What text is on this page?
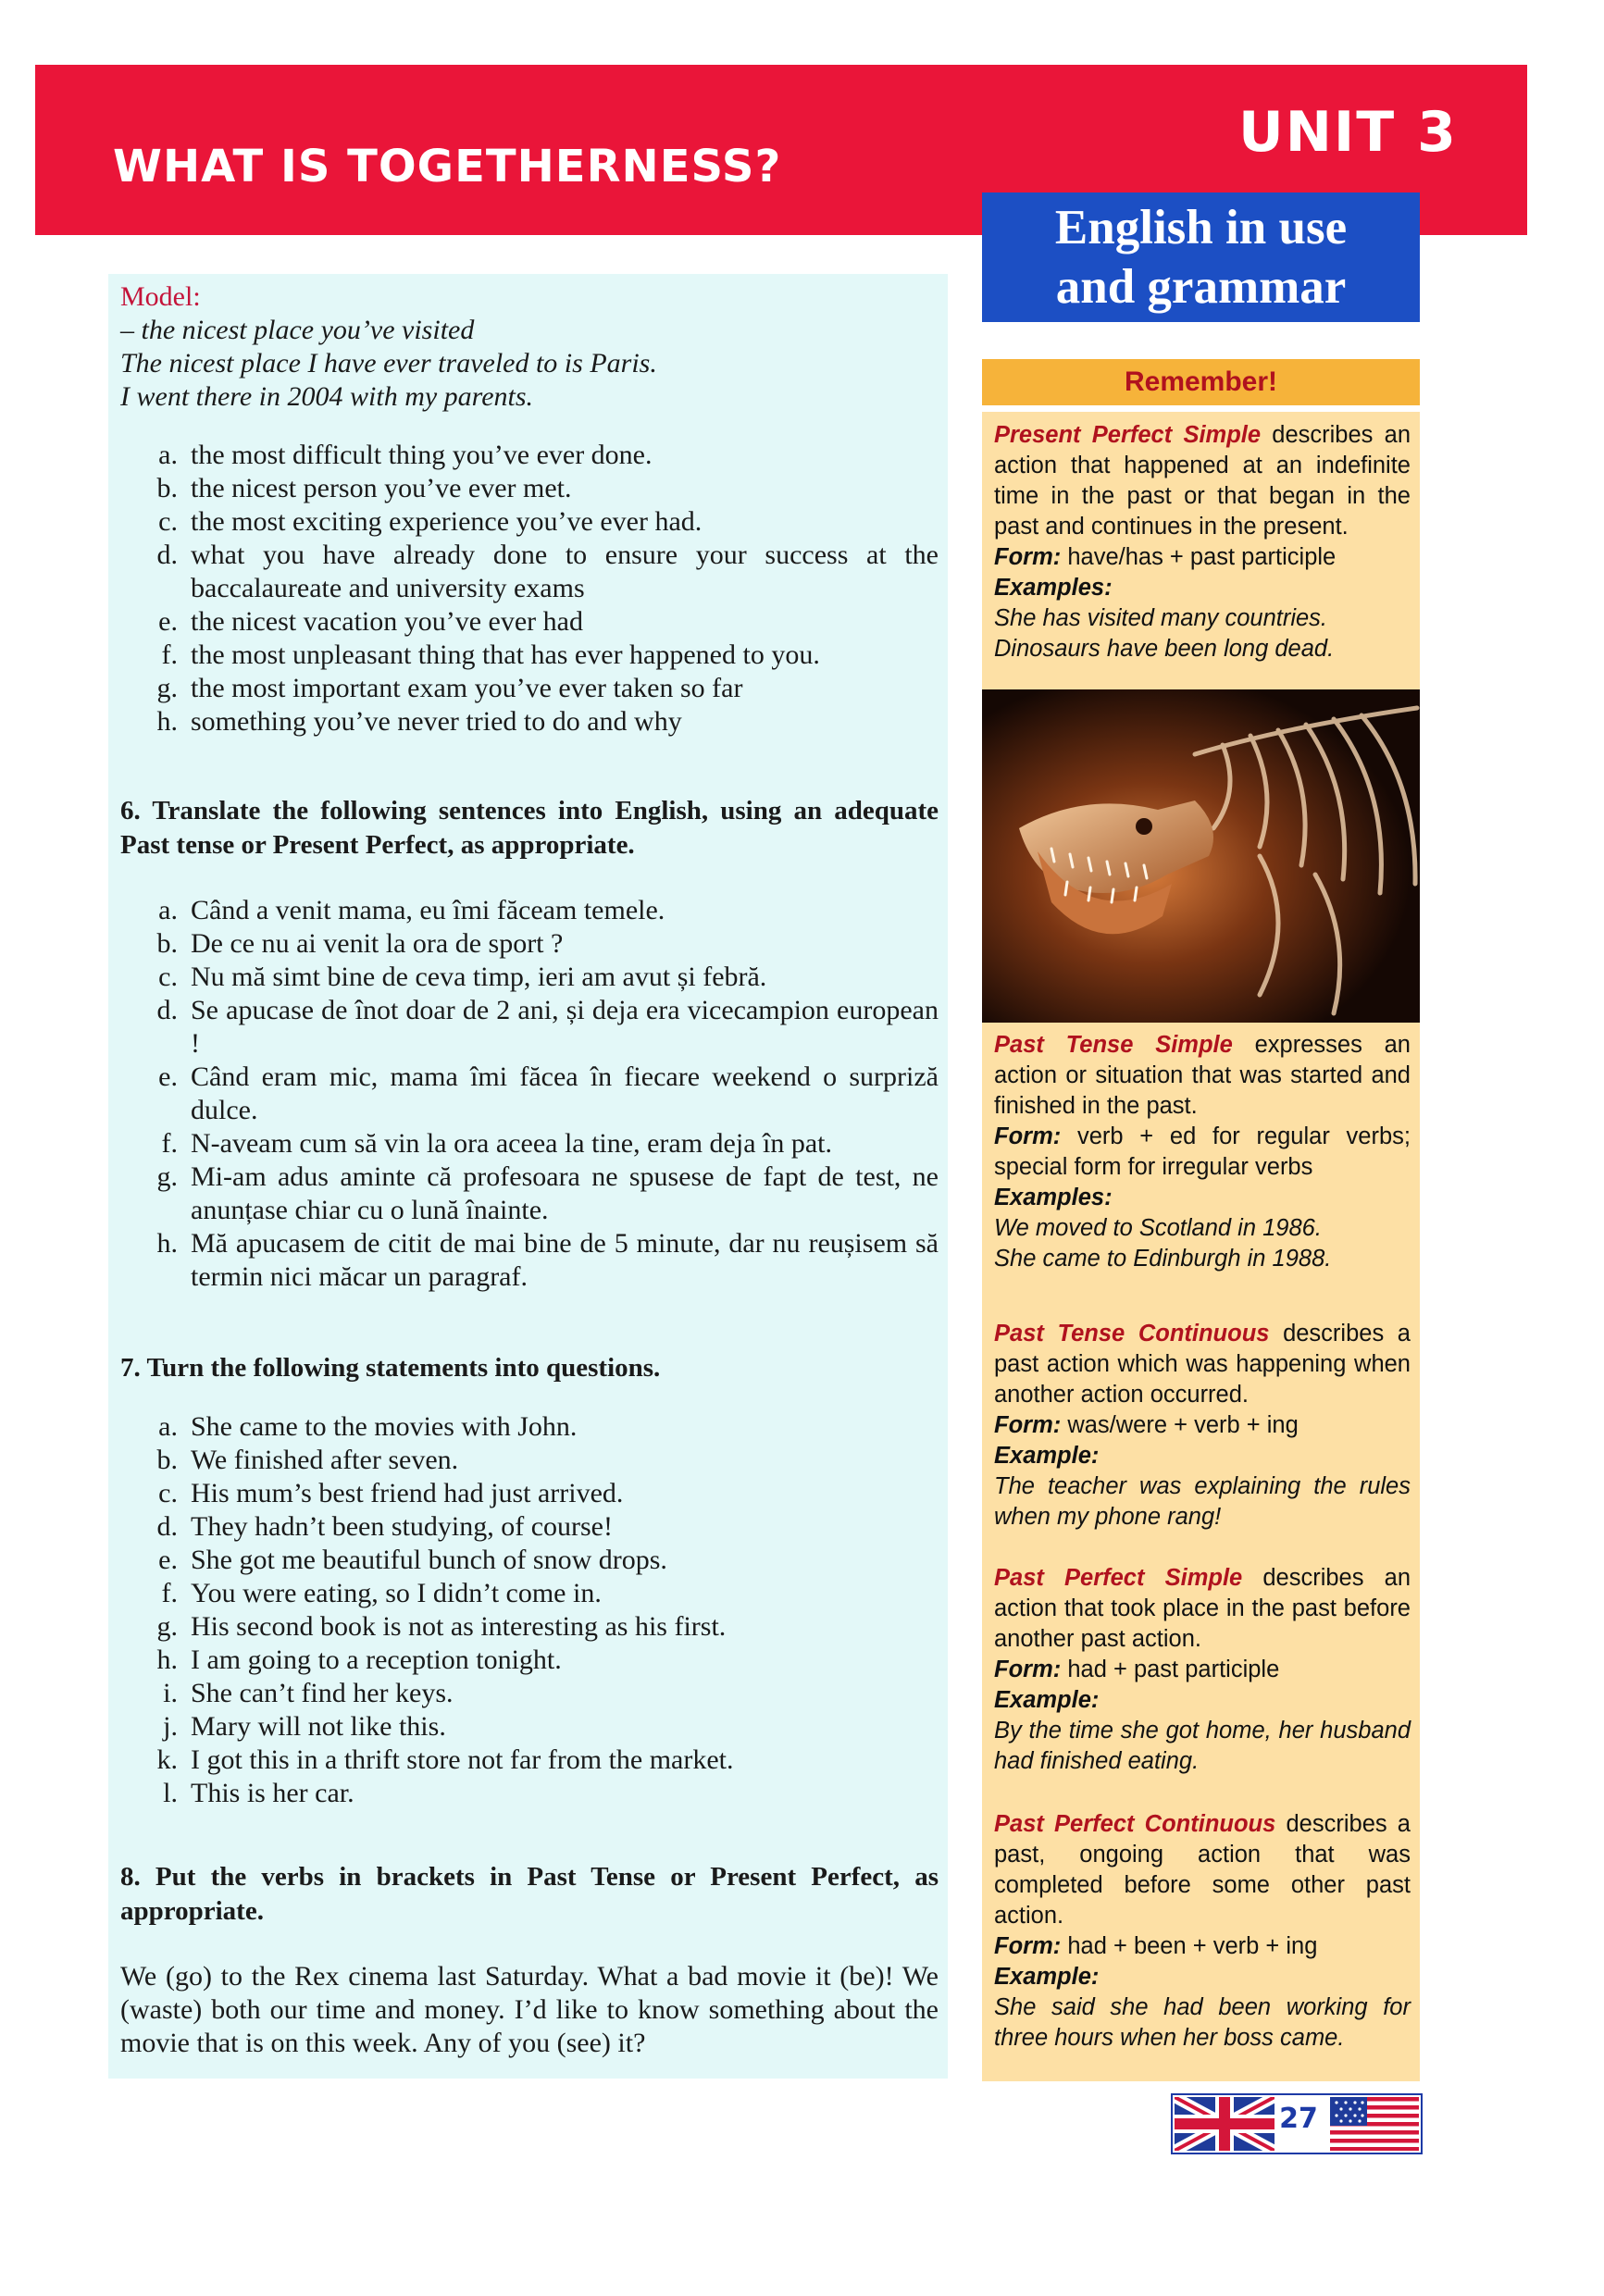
WHAT IS TOGETHERNESS?
UNIT 3
English in use
and grammar
Model:
– the nicest place you’ve visited
The nicest place I have ever traveled to is Paris.
I went there in 2004 with my parents.
a. the most difficult thing you’ve ever done.
b. the nicest person you’ve ever met.
c. the most exciting experience you’ve ever had.
d. what you have already done to ensure your success at the baccalaureate and university exams
e. the nicest vacation you’ve ever had
f. the most unpleasant thing that has ever happened to you.
g. the most important exam you’ve ever taken so far
h. something you’ve never tried to do and why
6. Translate the following sentences into English, using an adequate Past tense or Present Perfect, as appropriate.
a. Când a venit mama, eu îmi făceam temele.
b. De ce nu ai venit la ora de sport ?
c. Nu mă simt bine de ceva timp, ieri am avut și febră.
d. Se apucase de înot doar de 2 ani, și deja era vicecampion european !
e. Când eram mic, mama îmi făcea în fiecare weekend o surpriză dulce.
f. N-aveam cum să vin la ora aceea la tine, eram deja în pat.
g. Mi-am adus aminte că profesoara ne spusese de fapt de test, ne anunțase chiar cu o lună înainte.
h. Mă apucasem de citit de mai bine de 5 minute, dar nu reușisem să termin nici măcar un paragraf.
7. Turn the following statements into questions.
a. She came to the movies with John.
b. We finished after seven.
c. His mum’s best friend had just arrived.
d. They hadn’t been studying, of course!
e. She got me beautiful bunch of snow drops.
f. You were eating, so I didn’t come in.
g. His second book is not as interesting as his first.
h. I am going to a reception tonight.
i. She can’t find her keys.
j. Mary will not like this.
k. I got this in a thrift store not far from the market.
l. This is her car.
8. Put the verbs in brackets in Past Tense or Present Perfect, as appropriate.
We (go) to the Rex cinema last Saturday. What a bad movie it (be)! We (waste) both our time and money. I’d like to know something about the movie that is on this week. Any of you (see) it?
Remember!
Present Perfect Simple describes an action that happened at an indefinite time in the past or that began in the past and continues in the present.
Form: have/has + past participle
Examples:
She has visited many countries.
Dinosaurs have been long dead.
Past Tense Simple expresses an action or situation that was started and finished in the past.
Form: verb + ed for regular verbs; special form for irregular verbs
Examples:
We moved to Scotland in 1986.
She came to Edinburgh in 1988.
Past Tense Continuous describes a past action which was happening when another action occurred.
Form: was/were + verb + ing
Example:
The teacher was explaining the rules when my phone rang!
Past Perfect Simple describes an action that took place in the past before another past action.
Form: had + past participle
Example:
By the time she got home, her husband had finished eating.
Past Perfect Continuous describes a past, ongoing action that was completed before some other past action.
Form: had + been + verb + ing
Example:
She said she had been working for three hours when her boss came.
27
